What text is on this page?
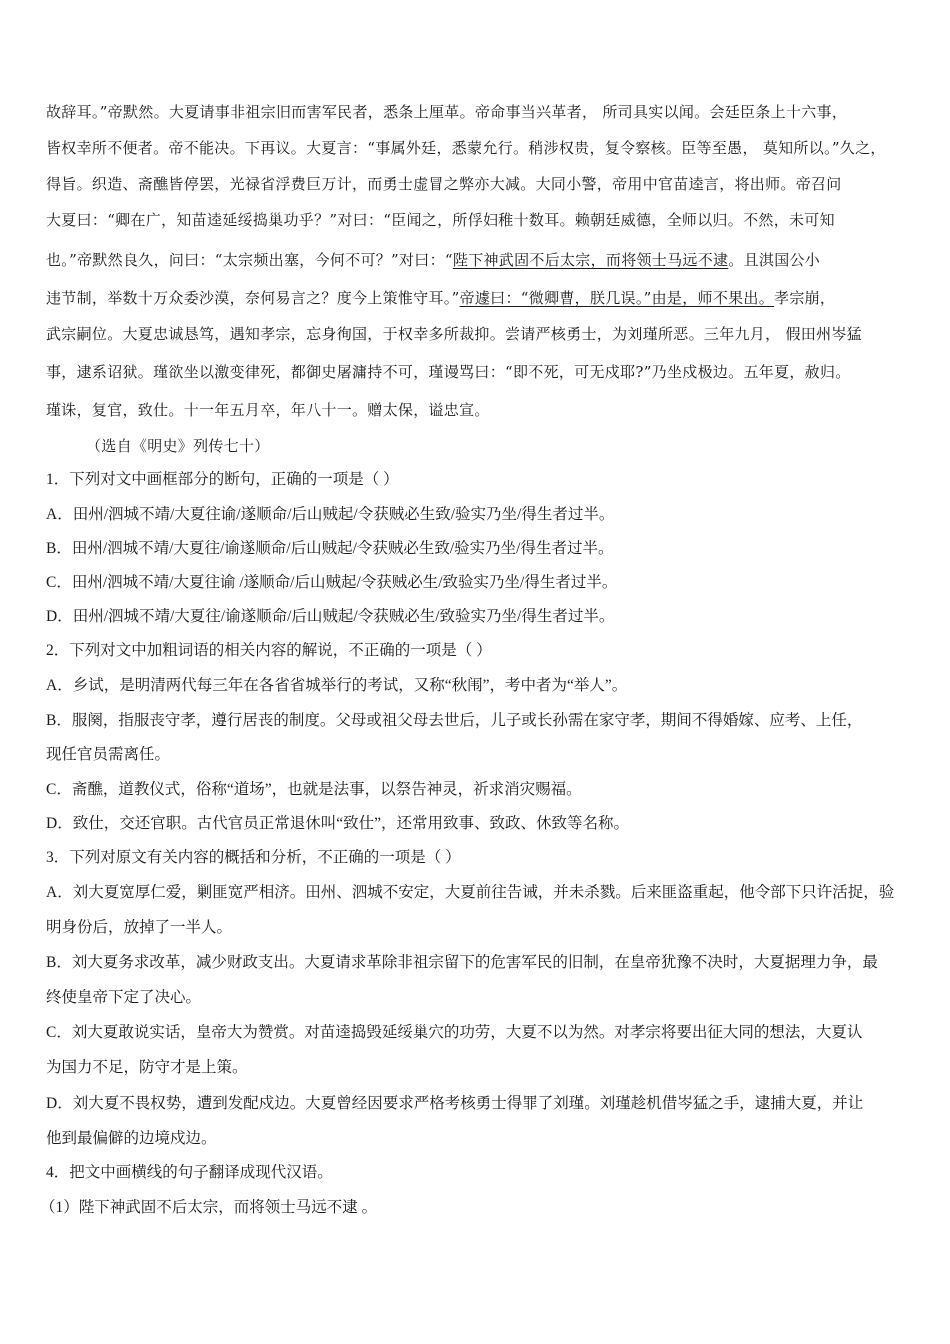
故辞耳。”帝默然。大夏请事非祖宗旧而害军民者，悉条上厘革。帝命事当兴革者， 所司具实以闻。会廷臣条上十六事，
皆权幸所不便者。帝不能决。下再议。大夏言：“事属外廷，悉蒙允行。稍涉权贵，复令察核。臣等至愚， 莫知所以。”久之，
得旨。织造、斋醮皆停罢，光禄省浮费巨万计，而勇士虚冒之弊亦大减。大同小警，帝用中官苗逵言，将出师。帝召问
大夏曰：“卿在广，知苗逵延绥捣巢功乎？”对曰：“臣闻之，所俘妇稚十数耳。赖朝廷威德，全师以归。不然，未可知
也。”帝默然良久，问曰：“太宗频出塞，今何不可？”对曰：“陛下神武固不后太宗，而将领士马远不逮。且淇国公小
违节制，举数十万众委沙漠，奈何易言之？度今上策惟守耳。”帝遽曰：“微卿曹，朕几误。”由是，师不果出。孝宗崩，
武宗嗣位。大夏忠诚恳笃，遇知孝宗，忘身徇国，于权幸多所裁抑。尝请严核勇士，为刘瑾所恶。三年九月， 假田州岑猛
事，逮系诏狱。瑾欲坐以激变律死，都御史屠滽持不可，瑾谩骂曰：“即不死，可无戍耶?”乃坐戍极边。五年夏，赦归。
瑾诛，复官，致仕。十一年五月卒，年八十一。赠太保，谥忠宣。
（选自《明史》列传七十）
1．下列对文中画框部分的断句，正确的一项是（ ）
A．田州/泗城不靖/大夏往谕/遂顺命/后山贼起/令获贼必生致/验实乃坐/得生者过半。
B．田州/泗城不靖/大夏往/谕遂顺命/后山贼起/令获贼必生致/验实乃坐/得生者过半。
C．田州/泗城不靖/大夏往谕 /遂顺命/后山贼起/令获贼必生/致验实乃坐/得生者过半。
D．田州/泗城不靖/大夏往/谕遂顺命/后山贼起/令获贼必生/致验实乃坐/得生者过半。
2．下列对文中加粗词语的相关内容的解说，不正确的一项是（ ）
A．乡试，是明清两代每三年在各省省城举行的考试，又称“秋闱”，考中者为“举人”。
B．服阕，指服丧守孝，遵行居丧的制度。父母或祖父母去世后，儿子或长孙需在家守孝，期间不得婚嫁、应考、上任，
现任官员需离任。
C．斋醮，道教仪式，俗称“道场”，也就是法事，以祭告神灵，祈求消灾赐福。
D．致仕，交还官职。古代官员正常退休叫“致仕”，还常用致事、致政、休致等名称。
3．下列对原文有关内容的概括和分析，不正确的一项是（ ）
A．刘大夏宽厚仁爱，剿匪宽严相济。田州、泗城不安定，大夏前往告诫，并未杀戮。后来匪盗重起，他令部下只许活捉，验
明身份后，放掉了一半人。
B．刘大夏务求改革，减少财政支出。大夏请求革除非祖宗留下的危害军民的旧制，在皇帝犹豫不决时，大夏据理力争，最
终使皇帝下定了决心。
C．刘大夏敢说实话，皇帝大为赞赏。对苗逵捣毁延绥巢穴的功劳，大夏不以为然。对孝宗将要出征大同的想法，大夏认
为国力不足，防守才是上策。
D．刘大夏不畏权势，遭到发配戍边。大夏曾经因要求严格考核勇士得罪了刘瑾。刘瑾趁机借岑猛之手，逮捕大夏，并让
他到最偏僻的边境戍边。
4．把文中画横线的句子翻译成现代汉语。
（1）陛下神武固不后太宗，而将领士马远不逮 。
